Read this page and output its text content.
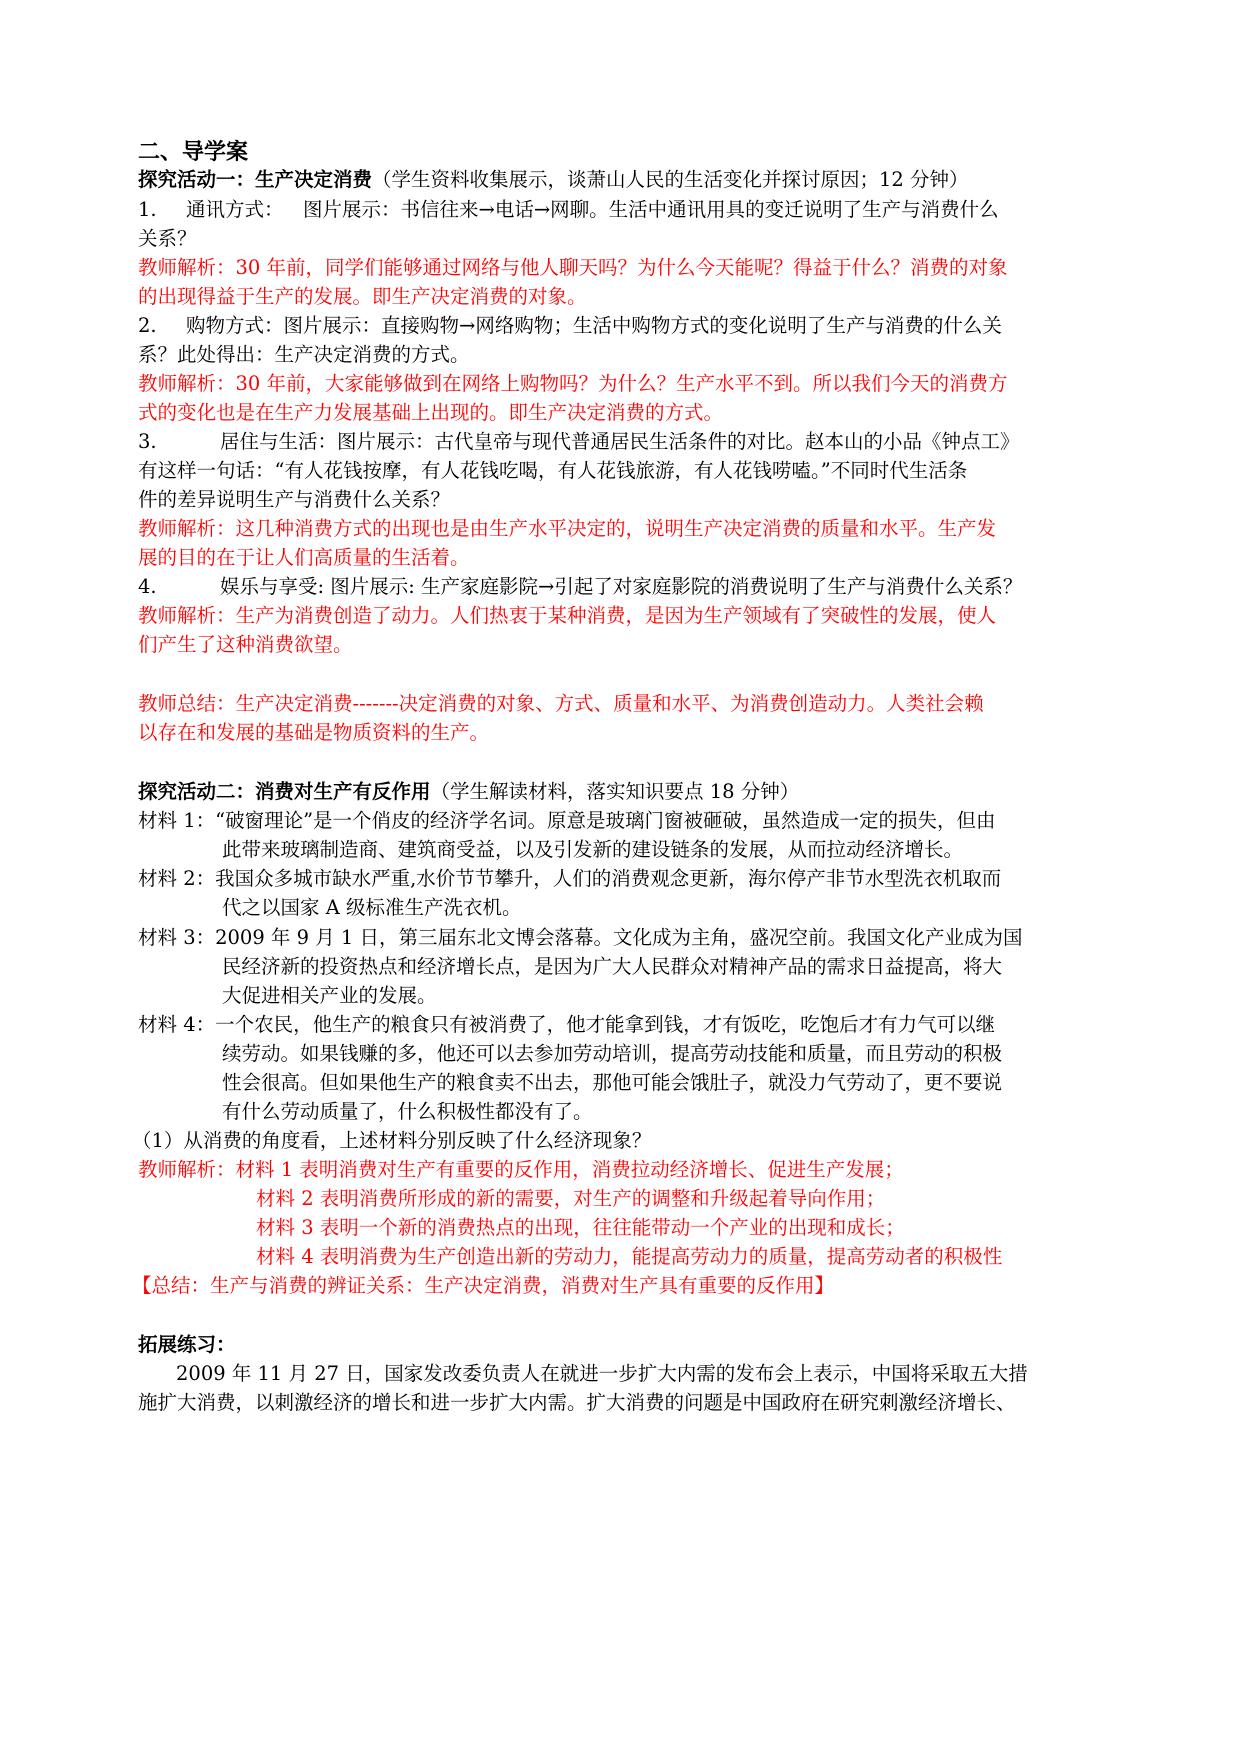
二、导学案
探究活动一：生产决定消费（学生资料收集展示，谈萧山人民的生活变化并探讨原因；12 分钟）
1. 通讯方式： 图片展示：书信往来→电话→网聊。生活中通讯用具的变迁说明了生产与消费什么
关系？
教师解析：30 年前，同学们能够通过网络与他人聊天吗？为什么今天能呢？得益于什么？消费的对象
的出现得益于生产的发展。即生产决定消费的对象。
2. 购物方式：图片展示：直接购物→网络购物；生活中购物方式的变化说明了生产与消费的什么关
系？此处得出：生产决定消费的方式。
教师解析：30 年前，大家能够做到在网络上购物吗？为什么？生产水平不到。所以我们今天的消费方
式的变化也是在生产力发展基础上出现的。即生产决定消费的方式。
3.	居住与生活：图片展示：古代皇帝与现代普通居民生活条件的对比。赵本山的小品《钟点工》
有这样一句话：“有人花钱按摩，有人花钱吃喝，有人花钱旅游，有人花钱唠嗑。”不同时代生活条
件的差异说明生产与消费什么关系？
教师解析：这几种消费方式的出现也是由生产水平决定的，说明生产决定消费的质量和水平。生产发
展的目的在于让人们高质量的生活着。
4.	娱乐与享受: 图片展示: 生产家庭影院→引起了对家庭影院的消费说明了生产与消费什么关系？
教师解析：生产为消费创造了动力。人们热衷于某种消费，是因为生产领域有了突破性的发展，使人
们产生了这种消费欲望。
教师总结：生产决定消费-------决定消费的对象、方式、质量和水平、为消费创造动力。人类社会赖
以存在和发展的基础是物质资料的生产。
探究活动二：消费对生产有反作用（学生解读材料，落实知识要点 18 分钟）
材料 1：“破窗理论”是一个俏皮的经济学名词。原意是玻璃门窗被砸破，虽然造成一定的损失，但由
此带来玻璃制造商、建筑商受益，以及引发新的建设链条的发展，从而拉动经济增长。
材料 2：我国众多城市缺水严重,水价节节攀升，人们的消费观念更新，海尔停产非节水型洗衣机取而
代之以国家 A 级标准生产洗衣机。
材料 3：2009 年 9 月 1 日，第三届东北文博会落幕。文化成为主角，盛况空前。我国文化产业成为国
民经济新的投资热点和经济增长点，是因为广大人民群众对精神产品的需求日益提高，将大
大促进相关产业的发展。
材料 4：一个农民，他生产的粮食只有被消费了，他才能拿到钱，才有饭吃，吃饱后才有力气可以继
续劳动。如果钱赚的多，他还可以去参加劳动培训，提高劳动技能和质量，而且劳动的积极
性会很高。但如果他生产的粮食卖不出去，那他可能会饿肚子，就没力气劳动了，更不要说
有什么劳动质量了，什么积极性都没有了。
（1）从消费的角度看，上述材料分别反映了什么经济现象？
教师解析：材料 1 表明消费对生产有重要的反作用，消费拉动经济增长、促进生产发展；
材料 2 表明消费所形成的新的需要，对生产的调整和升级起着导向作用；
材料 3 表明一个新的消费热点的出现，往往能带动一个产业的出现和成长；
材料 4 表明消费为生产创造出新的劳动力，能提高劳动力的质量，提高劳动者的积极性
【总结：生产与消费的辨证关系：生产决定消费，消费对生产具有重要的反作用】
拓展练习：
2009 年 11 月 27 日，国家发改委负责人在就进一步扩大内需的发布会上表示，中国将采取五大措
施扩大消费，以刺激经济的增长和进一步扩大内需。扩大消费的问题是中国政府在研究刺激经济增长、
